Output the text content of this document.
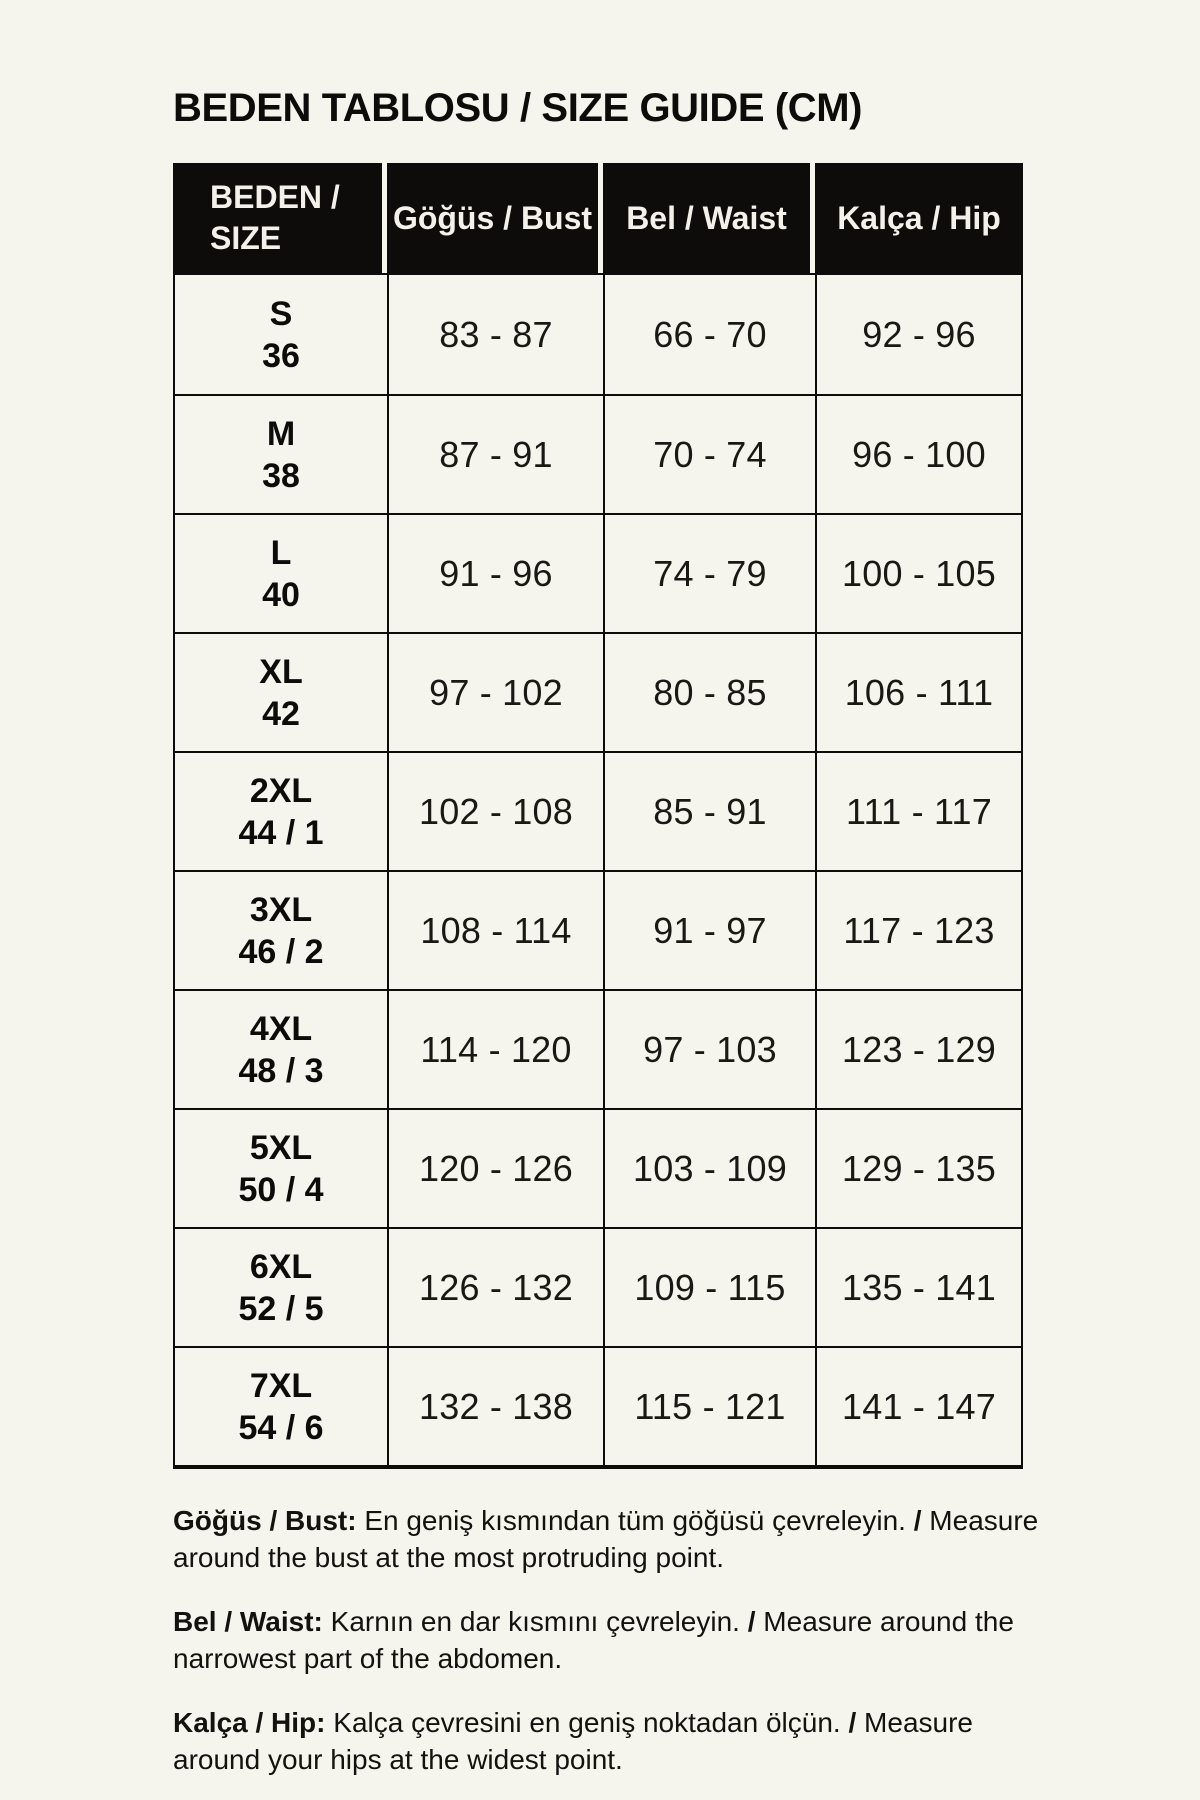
BEDEN TABLOSU / SIZE GUIDE (CM)
BEDEN / SIZE
Göğüs / Bust	Bel / Waist	Kalça / Hip
S
36
83 - 87	66 - 70	92 - 96
M
38
87 - 91	70 - 74	96 - 100
L
40
91 - 96	74 - 79	100 - 105
XL
42
97 - 102	80 - 85	106 - 111
2XL
44 / 1
102 - 108	85 - 91	111 - 117
3XL
46 / 2
108 - 114	91 - 97	117 - 123
4XL
48 / 3
114 - 120	97 - 103	123 - 129
5XL
50 / 4
120 - 126	103 - 109	129 - 135
6XL
52 / 5
126 - 132	109 - 115	135 - 141
7XL
54 / 6
132 - 138	115 - 121	141 - 147

Göğüs / Bust: En geniş kısmından tüm göğüsü çevreleyin. / Measure around the bust at the most protruding point.

Bel / Waist: Karnın en dar kısmını çevreleyin. / Measure around the narrowest part of the abdomen.

Kalça / Hip: Kalça çevresini en geniş noktadan ölçün. / Measure around your hips at the widest point.
